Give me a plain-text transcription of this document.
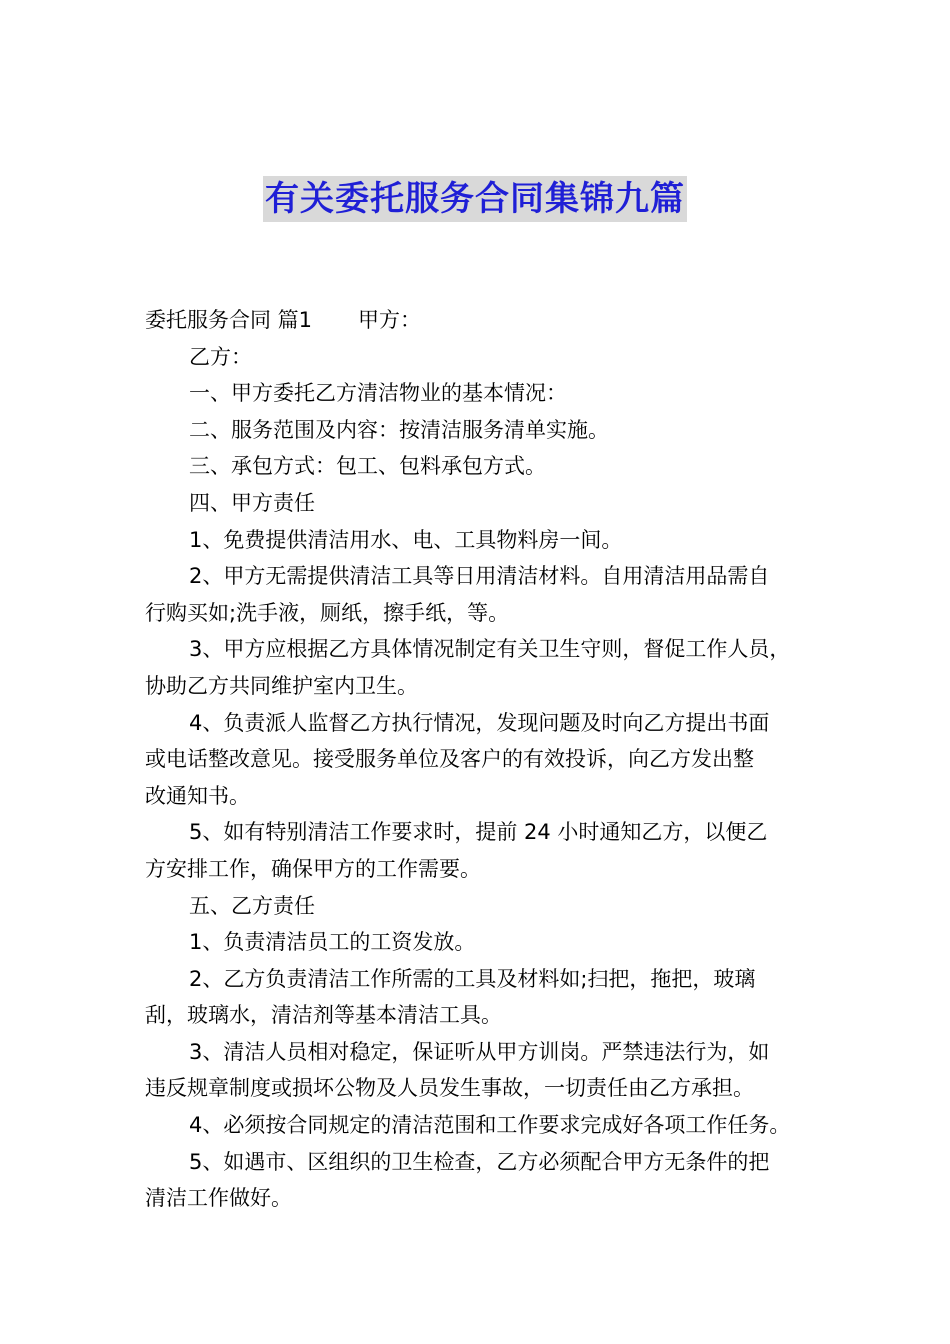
有关委托服务合同集锦九篇

委托服务合同 篇1 甲方：

乙方：

一、甲方委托乙方清洁物业的基本情况：

二、服务范围及内容：按清洁服务清单实施。

三、承包方式：包工、包料承包方式。

四、甲方责任

1、免费提供清洁用水、电、工具物料房一间。

2、甲方无需提供清洁工具等日用清洁材料。自用清洁用品需自

行购买如;洗手液，厕纸，擦手纸，等。

3、甲方应根据乙方具体情况制定有关卫生守则，督促工作人员，

协助乙方共同维护室内卫生。

4、负责派人监督乙方执行情况，发现问题及时向乙方提出书面

或电话整改意见。接受服务单位及客户的有效投诉，向乙方发出整

改通知书。

5、如有特别清洁工作要求时，提前 24 小时通知乙方，以便乙

方安排工作，确保甲方的工作需要。

五、乙方责任

1、负责清洁员工的工资发放。

2、乙方负责清洁工作所需的工具及材料如;扫把，拖把，玻璃

刮，玻璃水，清洁剂等基本清洁工具。

3、清洁人员相对稳定，保证听从甲方训岗。严禁违法行为，如

违反规章制度或损坏公物及人员发生事故，一切责任由乙方承担。

4、必须按合同规定的清洁范围和工作要求完成好各项工作任务。

5、如遇市、区组织的卫生检查，乙方必须配合甲方无条件的把

清洁工作做好。
